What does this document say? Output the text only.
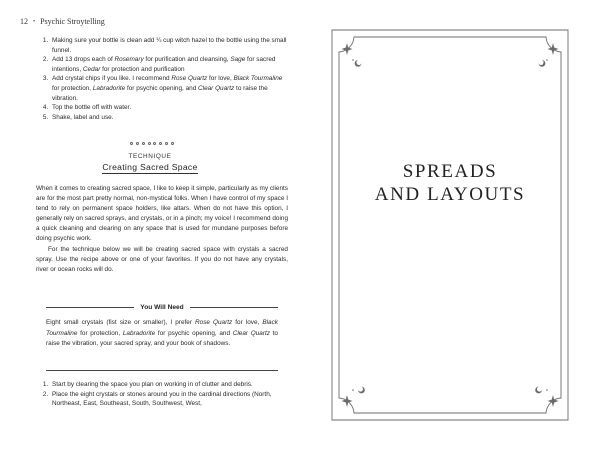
12 • Psychic Stroytelling
1. Making sure your bottle is clean add ¼ cup witch hazel to the bottle using the small funnel.
2. Add 13 drops each of Rosemary for purification and cleansing, Sage for sacred intentions, Cedar for protection and purification
3. Add crystal chips if you like. I recommend Rose Quartz for love, Black Tourmaline for protection, Labradorite for psychic opening, and Clear Quartz to raise the vibration.
4. Top the bottle off with water.
5. Shake, label and use.
TECHNIQUE
Creating Sacred Space

When it comes to creating sacred space, I like to keep it simple, particularly as my clients are for the most part pretty normal, non-mystical folks. When I have control of my space I tend to rely on permanent space holders, like altars. When do not have this option, I generally rely on sacred sprays, and crystals, or in a pinch; my voice! I recommend doing a quick cleaning and clearing on any space that is used for mundane purposes before doing psychic work.

For the technique below we will be creating sacred space with crystals a sacred spray. Use the recipe above or one of your favorites. If you do not have any crystals, river or ocean rocks will do.

You Will Need

Eight small crystals (fist size or smaller), I prefer Rose Quartz for love, Black Tourmaline for protection, Labradorite for psychic opening, and Clear Quartz to raise the vibration, your sacred spray, and your book of shadows.

1. Start by clearing the space you plan on working in of clutter and debris.
2. Place the eight crystals or stones around you in the cardinal directions (North, Northeast, East, Southeast, South, Southwest, West,
SPREADS
AND LAYOUTS
